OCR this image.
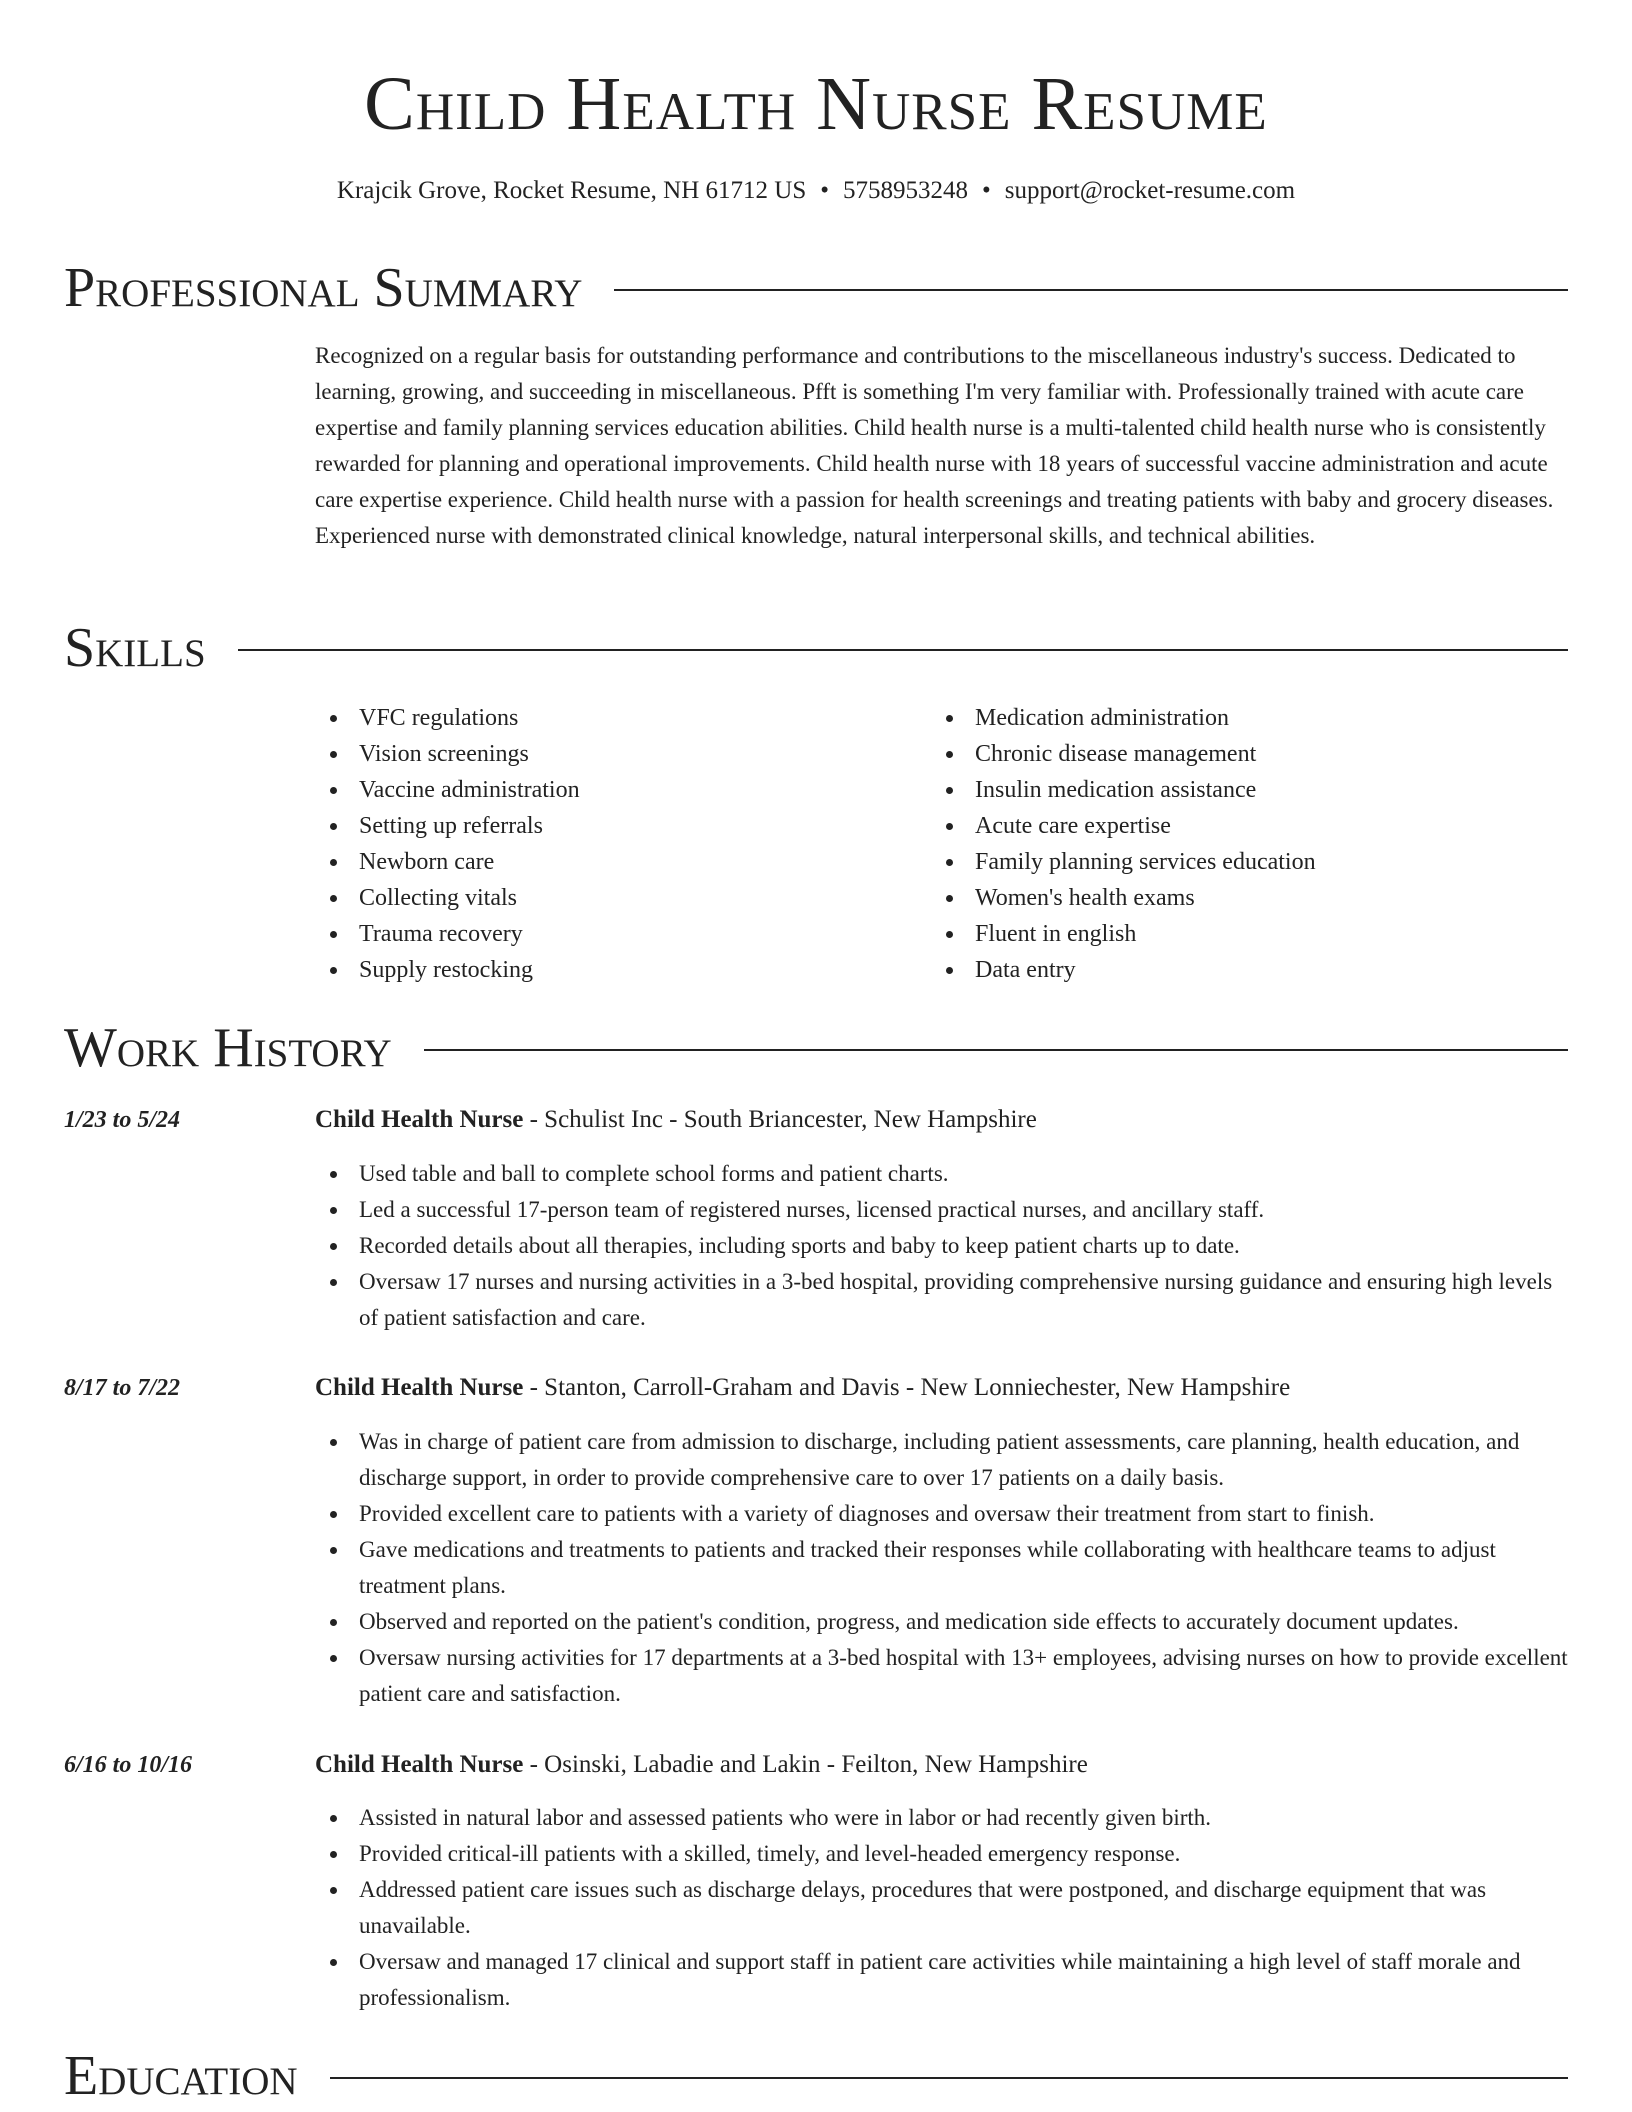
Child Health Nurse Resume
Krajcik Grove, Rocket Resume, NH 61712 US • 5758953248 • support@rocket-resume.com
Professional Summary

Recognized on a regular basis for outstanding performance and contributions to the miscellaneous industry's success. Dedicated to learning, growing, and succeeding in miscellaneous. Pfft is something I'm very familiar with. Professionally trained with acute care expertise and family planning services education abilities. Child health nurse is a multi-talented child health nurse who is consistently rewarded for planning and operational improvements. Child health nurse with 18 years of successful vaccine administration and acute care expertise experience. Child health nurse with a passion for health screenings and treating patients with baby and grocery diseases. Experienced nurse with demonstrated clinical knowledge, natural interpersonal skills, and technical abilities.

Skills
VFC regulations
Vision screenings
Vaccine administration
Setting up referrals
Newborn care
Collecting vitals
Trauma recovery
Supply restocking
Medication administration
Chronic disease management
Insulin medication assistance
Acute care expertise
Family planning services education
Women's health exams
Fluent in english
Data entry
Work History
1/23 to 5/24	Child Health Nurse - Schulist Inc - South Briancester, New Hampshire
Used table and ball to complete school forms and patient charts.
Led a successful 17-person team of registered nurses, licensed practical nurses, and ancillary staff.
Recorded details about all therapies, including sports and baby to keep patient charts up to date.
Oversaw 17 nurses and nursing activities in a 3-bed hospital, providing comprehensive nursing guidance and ensuring high levels of patient satisfaction and care.
8/17 to 7/22	Child Health Nurse - Stanton, Carroll-Graham and Davis - New Lonniechester, New Hampshire
Was in charge of patient care from admission to discharge, including patient assessments, care planning, health education, and discharge support, in order to provide comprehensive care to over 17 patients on a daily basis.
Provided excellent care to patients with a variety of diagnoses and oversaw their treatment from start to finish.
Gave medications and treatments to patients and tracked their responses while collaborating with healthcare teams to adjust treatment plans.
Observed and reported on the patient's condition, progress, and medication side effects to accurately document updates.
Oversaw nursing activities for 17 departments at a 3-bed hospital with 13+ employees, advising nurses on how to provide excellent patient care and satisfaction.
6/16 to 10/16	Child Health Nurse - Osinski, Labadie and Lakin - Feilton, New Hampshire
Assisted in natural labor and assessed patients who were in labor or had recently given birth.
Provided critical-ill patients with a skilled, timely, and level-headed emergency response.
Addressed patient care issues such as discharge delays, procedures that were postponed, and discharge equipment that was unavailable.
Oversaw and managed 17 clinical and support staff in patient care activities while maintaining a high level of staff morale and professionalism.
Education
